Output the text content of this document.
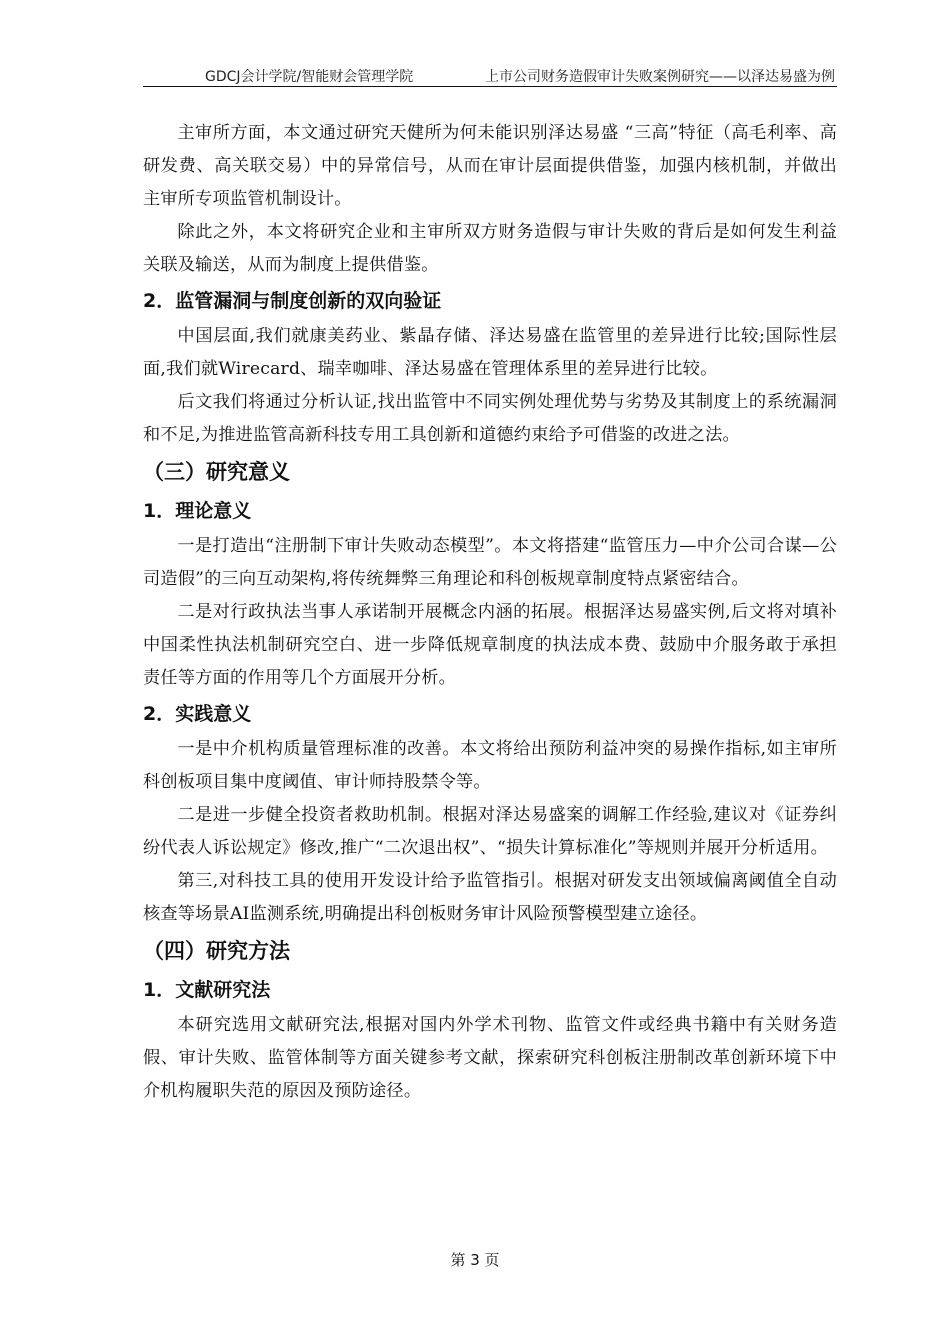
GDCJ会计学院/智能财会管理学院	上市公司财务造假审计失败案例研究——以泽达易盛为例

主审所方面，本文通过研究天健所为何未能识别泽达易盛 “三高”特征（高毛利率、高研发费、高关联交易）中的异常信号，从而在审计层面提供借鉴，加强内核机制，并做出主审所专项监管机制设计。

除此之外，本文将研究企业和主审所双方财务造假与审计失败的背后是如何发生利益关联及输送，从而为制度上提供借鉴。

2．监管漏洞与制度创新的双向验证

中国层面,我们就康美药业、紫晶存储、泽达易盛在监管里的差异进行比较;国际性层面,我们就Wirecard、瑞幸咖啡、泽达易盛在管理体系里的差异进行比较。

后文我们将通过分析认证,找出监管中不同实例处理优势与劣势及其制度上的系统漏洞和不足,为推进监管高新科技专用工具创新和道德约束给予可借鉴的改进之法。

（三）研究意义
1．理论意义

一是打造出“注册制下审计失败动态模型”。本文将搭建“监管压力—中介公司合谋—公司造假”的三向互动架构,将传统舞弊三角理论和科创板规章制度特点紧密结合。

二是对行政执法当事人承诺制开展概念内涵的拓展。根据泽达易盛实例,后文将对填补中国柔性执法机制研究空白、进一步降低规章制度的执法成本费、鼓励中介服务敢于承担责任等方面的作用等几个方面展开分析。

2．实践意义

一是中介机构质量管理标准的改善。本文将给出预防利益冲突的易操作指标,如主审所科创板项目集中度阈值、审计师持股禁令等。

二是进一步健全投资者救助机制。根据对泽达易盛案的调解工作经验,建议对《证券纠纷代表人诉讼规定》修改,推广“二次退出权”、“损失计算标准化”等规则并展开分析适用。

第三,对科技工具的使用开发设计给予监管指引。根据对研发支出领域偏离阈值全自动核查等场景AI监测系统,明确提出科创板财务审计风险预警模型建立途径。

（四）研究方法
1．文献研究法

本研究选用文献研究法,根据对国内外学术刊物、监管文件或经典书籍中有关财务造假、审计失败、监管体制等方面关键参考文献，探索研究科创板注册制改革创新环境下中介机构履职失范的原因及预防途径。

第 3 页
